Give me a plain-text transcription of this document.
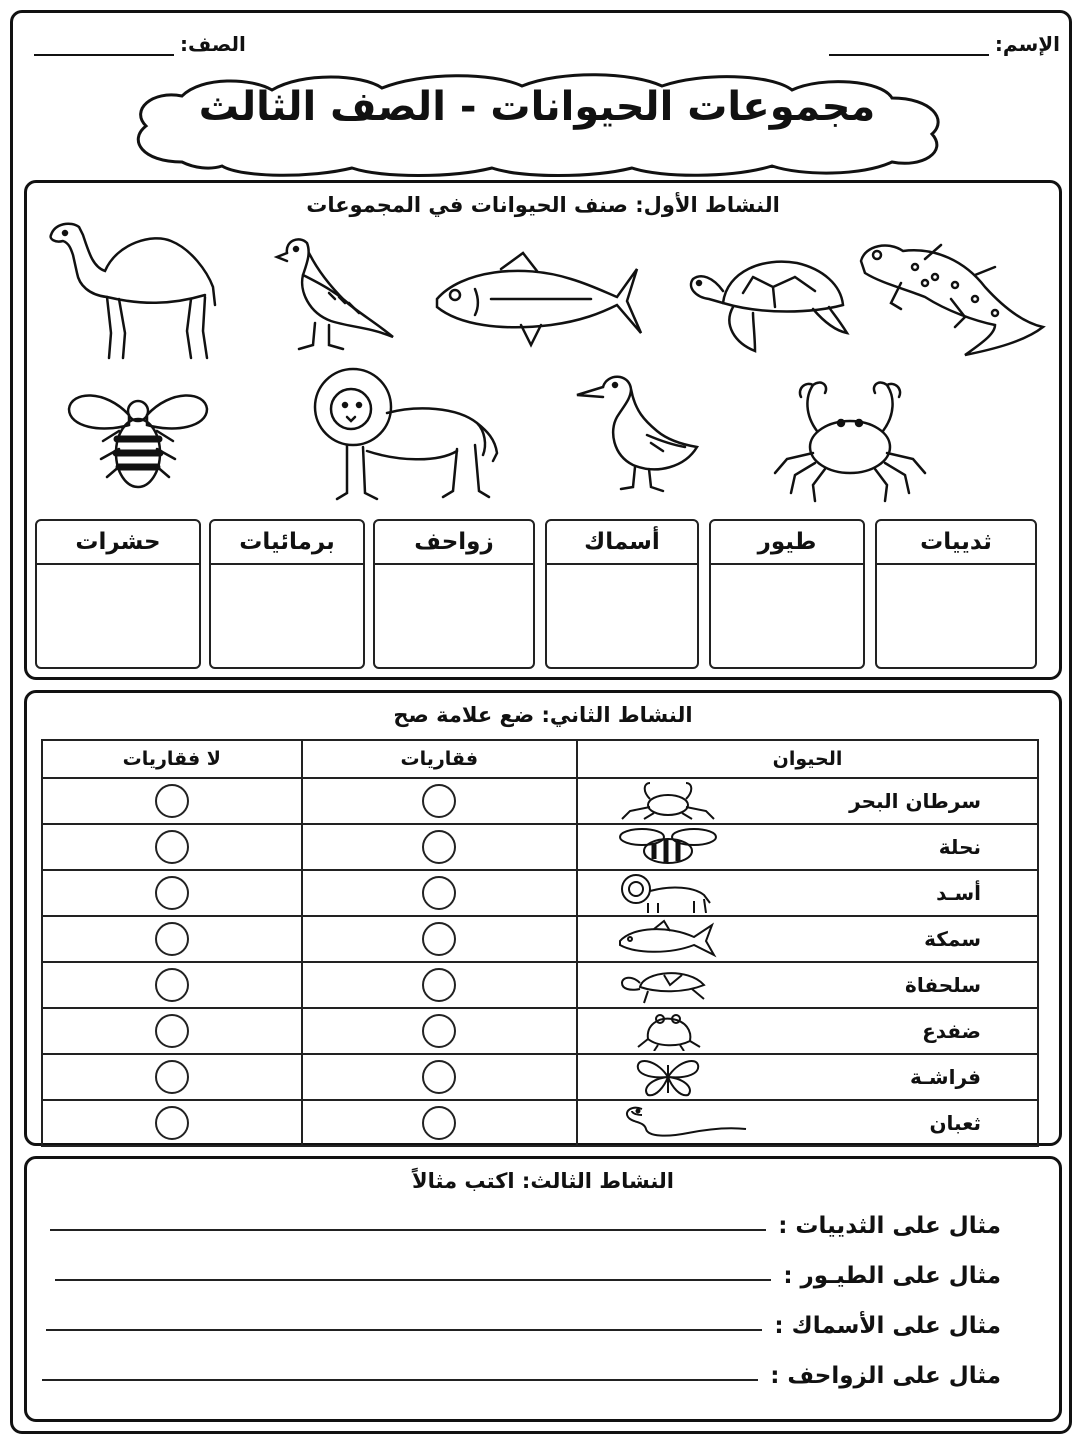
الإسم:
الصف:
مجموعات الحيوانات - الصف الثالث
النشاط الأول: صنف الحيوانات في المجموعات
ثدييات
طيور
أسماك
زواحف
برمائيات
حشرات
النشاط الثاني: ضع علامة صح
الحيوان	فقاريات	لا فقاريات

سرطان البحر		

نحلة		

أسـد		

سمكة		

سلحفاة		

ضفدع		

فراشـة		

ثعبان		

النشاط الثالث: اكتب مثالاً
مثال على الثدييات :
مثال على الطيـور :
مثال على الأسماك :
مثال على الزواحف :
